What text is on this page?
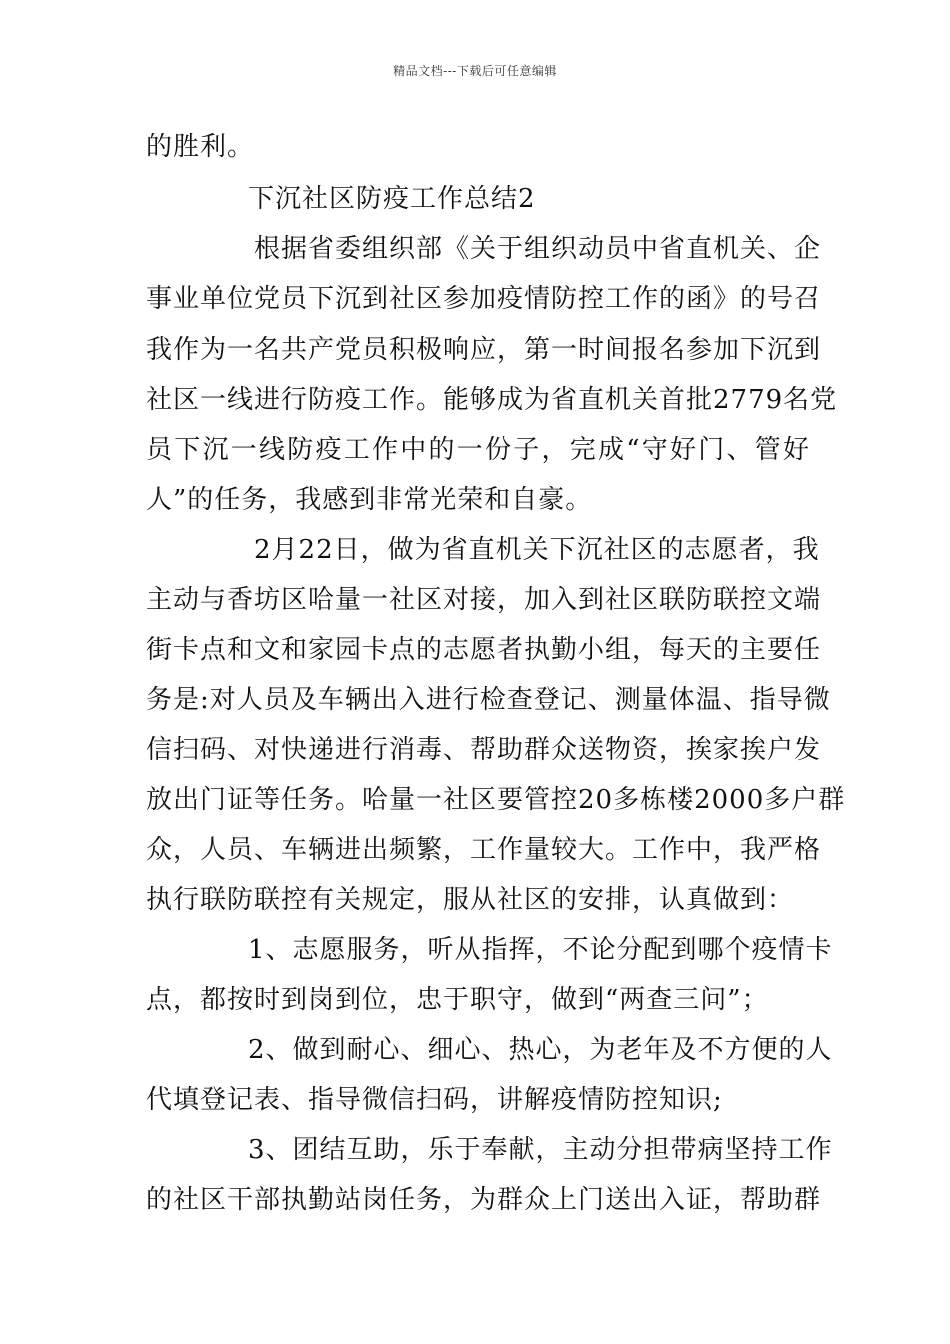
精品文档---下载后可任意编辑
的胜利。
下沉社区防疫工作总结2
根据省委组织部《关于组织动员中省直机关、企
事业单位党员下沉到社区参加疫情防控工作的函》的号召
我作为一名共产党员积极响应，第一时间报名参加下沉到
社区一线进行防疫工作。能够成为省直机关首批2779名党
员下沉一线防疫工作中的一份子，完成“守好门、管好
人”的任务，我感到非常光荣和自豪。
2月22日，做为省直机关下沉社区的志愿者，我
主动与香坊区哈量一社区对接，加入到社区联防联控文端
街卡点和文和家园卡点的志愿者执勤小组，每天的主要任
务是:对人员及车辆出入进行检查登记、测量体温、指导微
信扫码、对快递进行消毒、帮助群众送物资，挨家挨户发
放出门证等任务。哈量一社区要管控20多栋楼2000多户群
众，人员、车辆进出频繁，工作量较大。工作中，我严格
执行联防联控有关规定，服从社区的安排，认真做到：
1、志愿服务，听从指挥，不论分配到哪个疫情卡
点，都按时到岗到位，忠于职守，做到“两查三问”；
2、做到耐心、细心、热心，为老年及不方便的人
代填登记表、指导微信扫码，讲解疫情防控知识;
3、团结互助，乐于奉献，主动分担带病坚持工作
的社区干部执勤站岗任务，为群众上门送出入证，帮助群
